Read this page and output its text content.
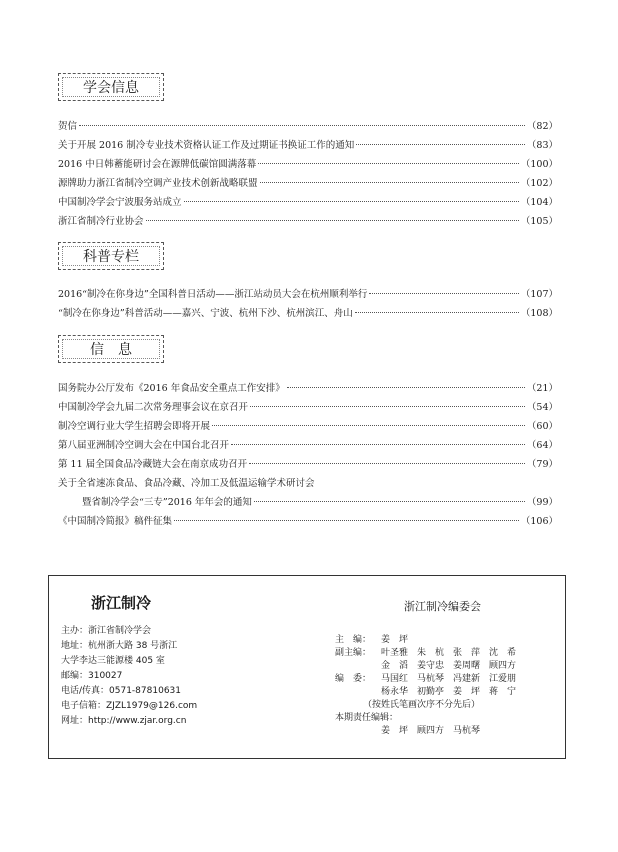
学会信息
贺信	（82）
关于开展 2016 制冷专业技术资格认证工作及过期证书换证工作的通知	（83）
2016 中日韩蓄能研讨会在源牌低碳馆圆满落幕	（100）
源牌助力浙江省制冷空调产业技术创新战略联盟	（102）
中国制冷学会宁波服务站成立	（104）
浙江省制冷行业协会	（105）
科普专栏
2016“制冷在你身边”全国科普日活动——浙江站动员大会在杭州顺利举行	（107）
“制冷在你身边”科普活动——嘉兴、宁波、杭州下沙、杭州滨江、舟山	（108）
信息
国务院办公厅发布《2016 年食品安全重点工作安排》	（21）
中国制冷学会九届二次常务理事会议在京召开	（54）
制冷空调行业大学生招聘会即将开展	（60）
第八届亚洲制冷空调大会在中国台北召开	（64）
第 11 届全国食品冷藏链大会在南京成功召开	（79）
关于全省速冻食品、食品冷藏、冷加工及低温运输学术研讨会
暨省制冷学会“三专”2016 年年会的通知	（99）
《中国制冷简报》稿件征集	（106）
浙江制冷
主办：浙江省制冷学会
地址：杭州浙大路 38 号浙江
大学李达三能源楼 405 室
邮编：310027
电话/传真：0571-87810631
电子信箱：ZJZL1979@126.com
网址：http://www.zjar.org.cn
浙江制冷编委会
主　编： 姜　坪
副主编： 叶圣雅 朱　杭 张　萍 沈　希
金　滔 姜守忠 姜周曙 顾四方
编　委： 马国红 马杭琴 冯建新 江爱朋
杨永华 初勤亭 姜　坪 蒋　宁
（按姓氏笔画次序不分先后）
本期责任编辑：
姜　坪 顾四方 马杭琴
